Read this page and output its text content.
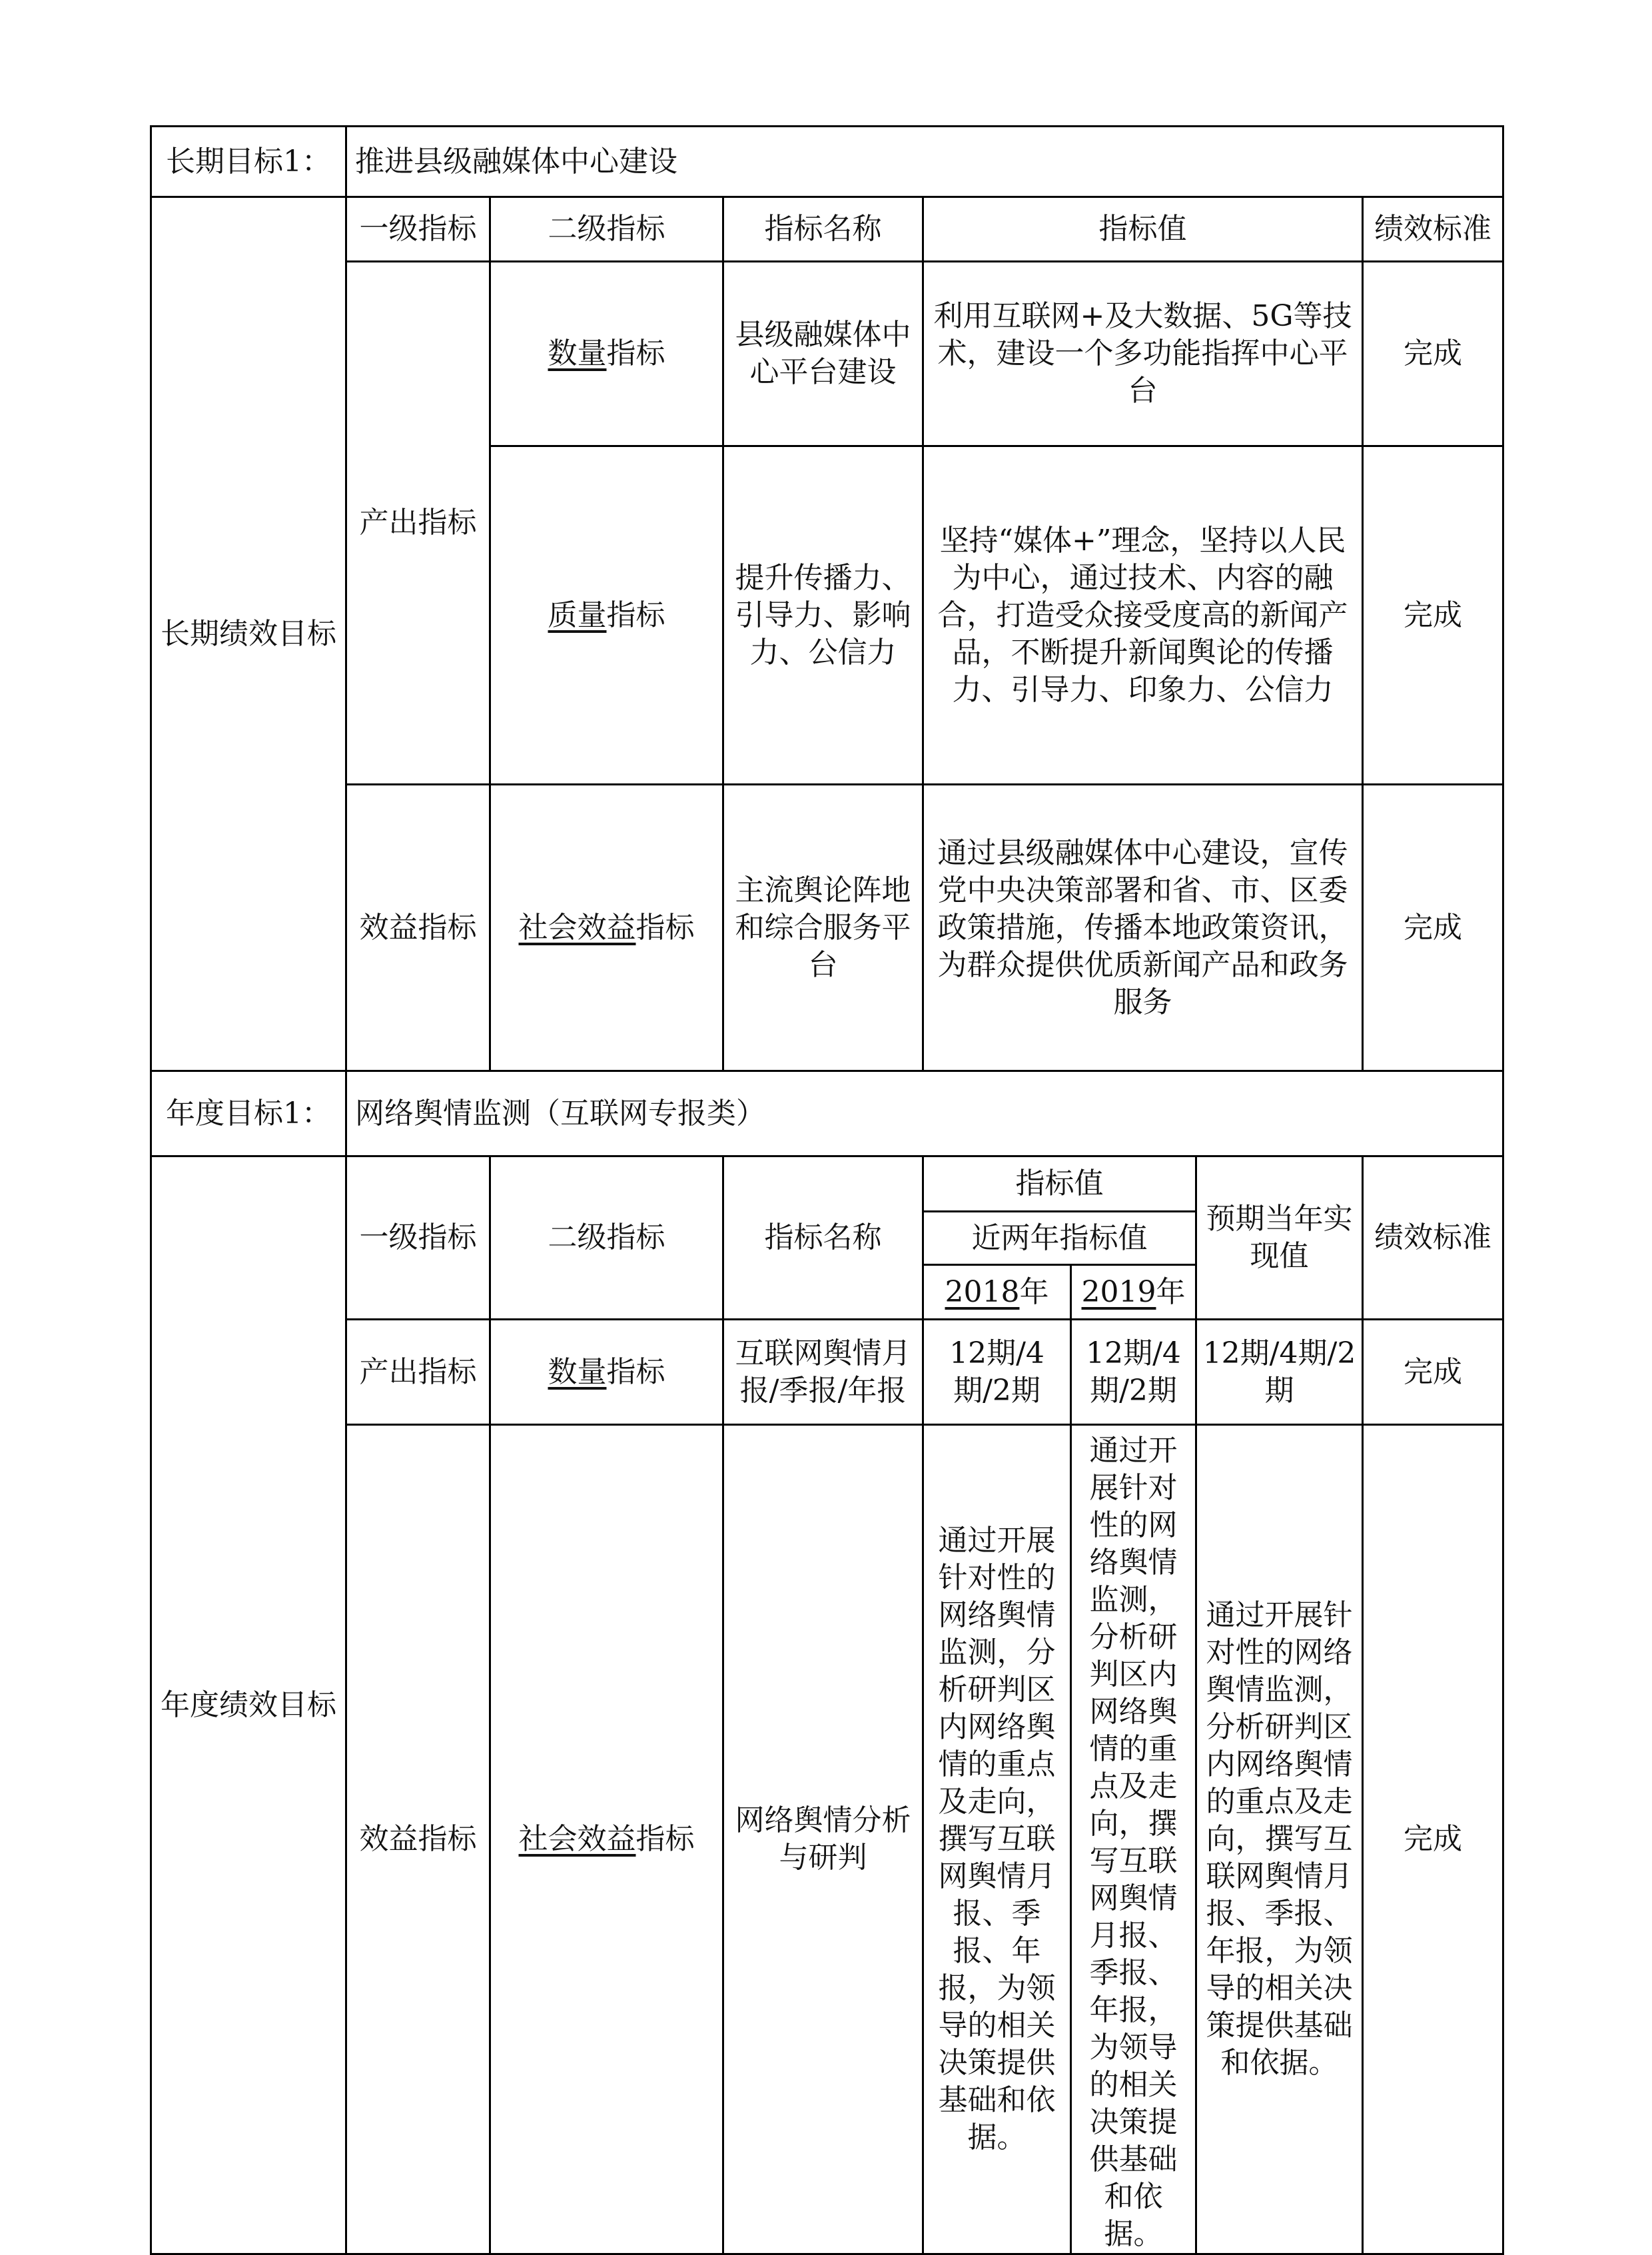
长期目标1：	推进县级融媒体中心建设						
长期绩效目标	一级指标	二级指标	指标名称	指标值			绩效标准
	产出指标	数量指标	县级融媒体中心平台建设	利用互联网+及大数据、5G等技术，建设一个多功能指挥中心平台			完成
		质量指标	提升传播力、引导力、影响力、公信力	坚持“媒体+”理念，坚持以人民为中心，通过技术、内容的融合，打造受众接受度高的新闻产品，不断提升新闻舆论的传播力、引导力、印象力、公信力			完成
	效益指标	社会效益指标	主流舆论阵地和综合服务平台	通过县级融媒体中心建设，宣传党中央决策部署和省、市、区委政策措施，传播本地政策资讯，为群众提供优质新闻产品和政务服务			完成
年度目标1：	网络舆情监测（互联网专报类）						
年度绩效目标	一级指标	二级指标	指标名称	指标值		预期当年实现值	绩效标准
				近两年指标值			
				2018年	2019年		
	产出指标	数量指标	互联网舆情月报/季报/年报	12期/4期/2期	12期/4期/2期	12期/4期/2期	完成
	效益指标	社会效益指标	网络舆情分析与研判	通过开展针对性的网络舆情监测，分析研判区内网络舆情的重点及走向，撰写互联网舆情月报、季报、年报，为领导的相关决策提供基础和依据。	通过开展针对性的网络舆情监测，分析研判区内网络舆情的重点及走向，撰写互联网舆情月报、季报、年报，为领导的相关决策提供基础和依据。	通过开展针对性的网络舆情监测，分析研判区内网络舆情的重点及走向，撰写互联网舆情月报、季报、年报，为领导的相关决策提供基础和依据。	完成
